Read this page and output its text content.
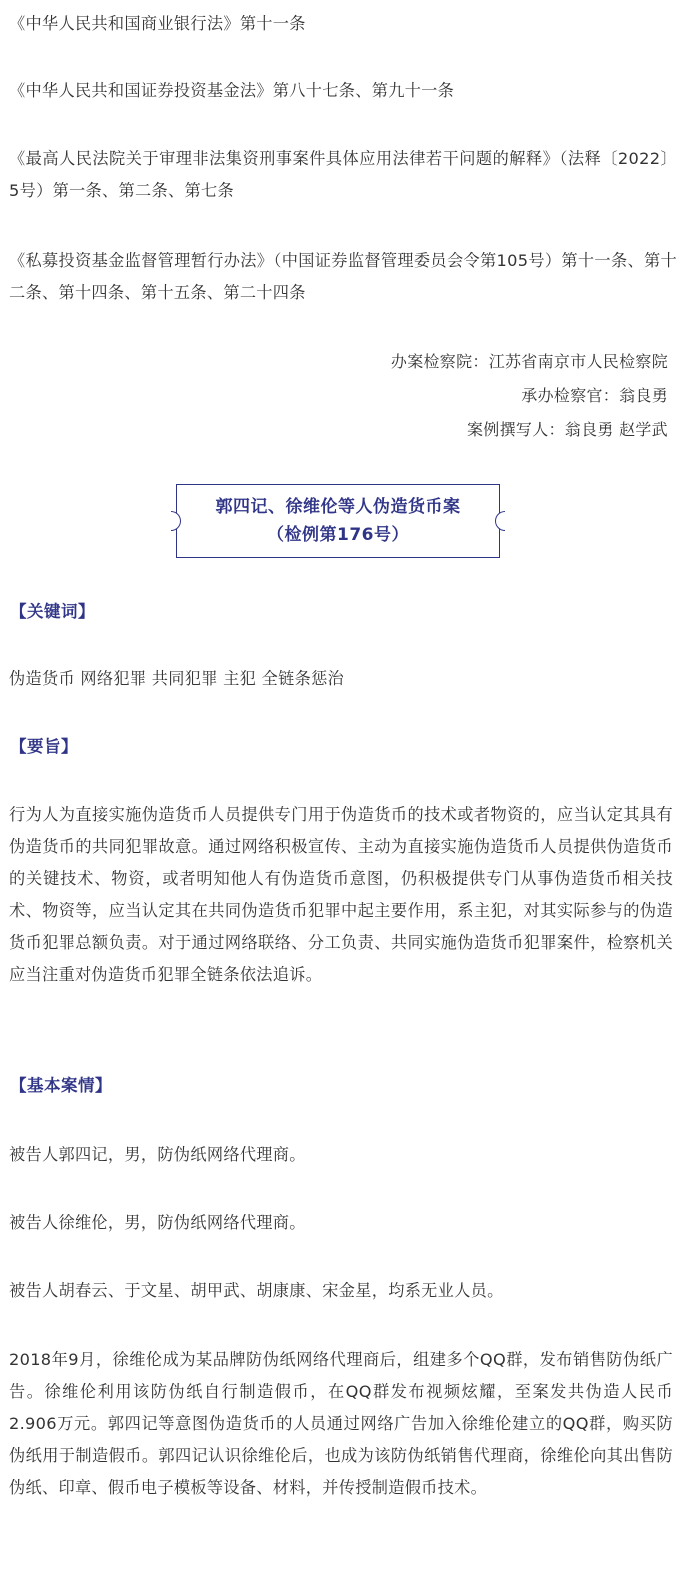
《中华人民共和国商业银行法》第十一条

《中华人民共和国证券投资基金法》第八十七条、第九十一条

《最高人民法院关于审理非法集资刑事案件具体应用法律若干问题的解释》（法释〔2022〕5号）第一条、第二条、第七条

《私募投资基金监督管理暂行办法》（中国证券监督管理委员会令第105号）第十一条、第十二条、第十四条、第十五条、第二十四条

办案检察院：江苏省南京市人民检察院
承办检察官：翁良勇
案例撰写人：翁良勇 赵学武
郭四记、徐维伦等人伪造货币案
（检例第176号）
【关键词】

伪造货币 网络犯罪 共同犯罪 主犯 全链条惩治

【要旨】

行为人为直接实施伪造货币人员提供专门用于伪造货币的技术或者物资的，应当认定其具有伪造货币的共同犯罪故意。通过网络积极宣传、主动为直接实施伪造货币人员提供伪造货币的关键技术、物资，或者明知他人有伪造货币意图，仍积极提供专门从事伪造货币相关技术、物资等，应当认定其在共同伪造货币犯罪中起主要作用，系主犯，对其实际参与的伪造货币犯罪总额负责。对于通过网络联络、分工负责、共同实施伪造货币犯罪案件，检察机关应当注重对伪造货币犯罪全链条依法追诉。

【基本案情】

被告人郭四记，男，防伪纸网络代理商。

被告人徐维伦，男，防伪纸网络代理商。

被告人胡春云、于文星、胡甲武、胡康康、宋金星，均系无业人员。

2018年9月，徐维伦成为某品牌防伪纸网络代理商后，组建多个QQ群，发布销售防伪纸广告。徐维伦利用该防伪纸自行制造假币，在QQ群发布视频炫耀，至案发共伪造人民币2.906万元。郭四记等意图伪造货币的人员通过网络广告加入徐维伦建立的QQ群，购买防伪纸用于制造假币。郭四记认识徐维伦后，也成为该防伪纸销售代理商，徐维伦向其出售防伪纸、印章、假币电子模板等设备、材料，并传授制造假币技术。
